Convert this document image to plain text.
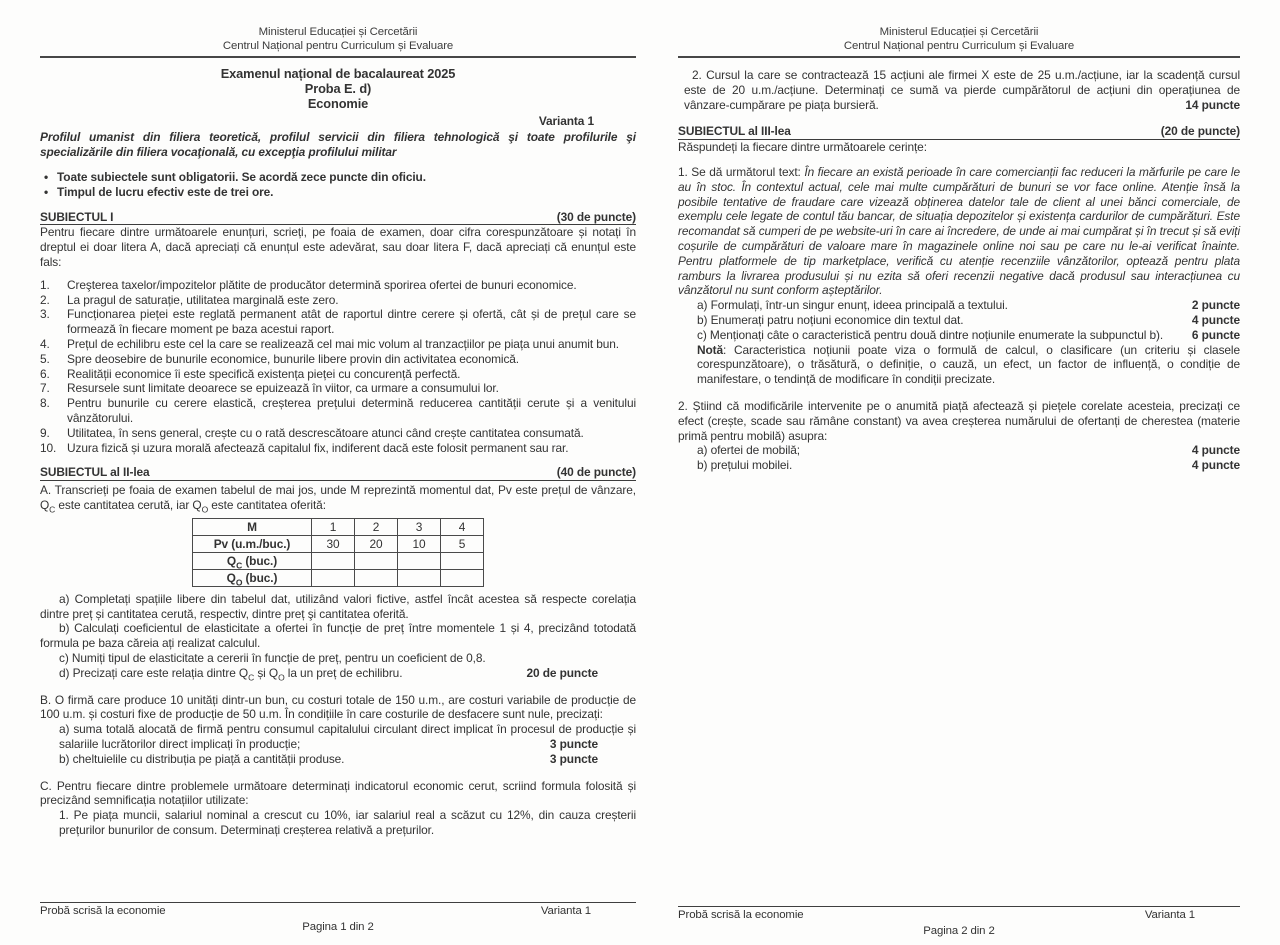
Ministerul Educației și Cercetării
Centrul Național pentru Curriculum și Evaluare
Examenul național de bacalaureat 2025
Proba E. d)
Economie
Varianta 1
Profilul umanist din filiera teoretică, profilul servicii din filiera tehnologică şi toate profilurile şi specializările din filiera vocaţională, cu excepţia profilului militar
• Toate subiectele sunt obligatorii. Se acordă zece puncte din oficiu.
• Timpul de lucru efectiv este de trei ore.
SUBIECTUL I	(30 de puncte)
Pentru fiecare dintre următoarele enunțuri, scrieți, pe foaia de examen, doar cifra corespunzătoare și notați în dreptul ei doar litera A, dacă apreciați că enunțul este adevărat, sau doar litera F, dacă apreciați că enunțul este fals:
1.	Creşterea taxelor/impozitelor plătite de producător determină sporirea ofertei de bunuri economice.
2.	La pragul de saturație, utilitatea marginală este zero.
3.	Funcționarea pieței este reglată permanent atât de raportul dintre cerere și ofertă, cât și de prețul care se formează în fiecare moment pe baza acestui raport.
4.	Prețul de echilibru este cel la care se realizează cel mai mic volum al tranzacțiilor pe piața unui anumit bun.
5.	Spre deosebire de bunurile economice, bunurile libere provin din activitatea economică.
6.	Realității economice îi este specifică existența pieței cu concurență perfectă.
7.	Resursele sunt limitate deoarece se epuizează în viitor, ca urmare a consumului lor.
8.	Pentru bunurile cu cerere elastică, creșterea prețului determină reducerea cantității cerute și a venitului vânzătorului.
9.	Utilitatea, în sens general, crește cu o rată descrescătoare atunci când crește cantitatea consumată.
10. Uzura fizică și uzura morală afectează capitalul fix, indiferent dacă este folosit permanent sau rar.
SUBIECTUL al II-lea	(40 de puncte)
A. Transcrieți pe foaia de examen tabelul de mai jos, unde M reprezintă momentul dat, Pv este prețul de vânzare, $Q_C$ este cantitatea cerută, iar $Q_O$ este cantitatea oferită:
M	1	2	3	4
Pv (u.m./buc.)	30	20	10	5
$Q_C$ (buc.)				
$Q_O$ (buc.)				
a) Completați spațiile libere din tabelul dat, utilizând valori fictive, astfel încât acestea să respecte corelația dintre preț și cantitatea cerută, respectiv, dintre preț şi cantitatea oferită.
b) Calculați coeficientul de elasticitate a ofertei în funcție de preț între momentele 1 și 4, precizând totodată formula pe baza căreia ați realizat calculul.
c) Numiți tipul de elasticitate a cererii în funcție de preț, pentru un coeficient de 0,8.
d) Precizați care este relația dintre $Q_C$ și $Q_O$ la un preț de echilibru.	20 de puncte
B. O firmă care produce 10 unități dintr-un bun, cu costuri totale de 150 u.m., are costuri variabile de producție de 100 u.m. și costuri fixe de producție de 50 u.m. În condițiile în care costurile de desfacere sunt nule, precizați:
a) suma totală alocată de firmă pentru consumul capitalului circulant direct implicat în procesul de producție și salariile lucrătorilor direct implicați în producție;	3 puncte
b) cheltuielile cu distribuția pe piață a cantității produse.	3 puncte
C. Pentru fiecare dintre problemele următoare determinați indicatorul economic cerut, scriind formula folosită și precizând semnificația notațiilor utilizate:
1. Pe piața muncii, salariul nominal a crescut cu 10%, iar salariul real a scăzut cu 12%, din cauza creșterii prețurilor bunurilor de consum. Determinați creșterea relativă a prețurilor.
Probă scrisă la economie	Varianta 1
Pagina 1 din 2
Ministerul Educației și Cercetării
Centrul Național pentru Curriculum și Evaluare
2. Cursul la care se contractează 15 acțiuni ale firmei X este de 25 u.m./acțiune, iar la scadență cursul este de 20 u.m./acțiune. Determinați ce sumă va pierde cumpărătorul de acțiuni din operațiunea de vânzare-cumpărare pe piața bursieră.	14 puncte
SUBIECTUL al III-lea	(20 de puncte)
Răspundeți la fiecare dintre următoarele cerințe:
1. Se dă următorul text: În fiecare an există perioade în care comercianții fac reduceri la mărfurile pe care le au în stoc. În contextul actual, cele mai multe cumpărături de bunuri se vor face online. Atenție însă la posibile tentative de fraudare care vizează obținerea datelor tale de client al unei bănci comerciale, de exemplu cele legate de contul tău bancar, de situația depozitelor și existența cardurilor de cumpărături. Este recomandat să cumperi de pe website-uri în care ai încredere, de unde ai mai cumpărat și în trecut și să eviți coșurile de cumpărături de valoare mare în magazinele online noi sau pe care nu le-ai verificat înainte. Pentru platformele de tip marketplace, verifică cu atenție recenziile vânzătorilor, optează pentru plata ramburs la livrarea produsului și nu ezita să oferi recenzii negative dacă produsul sau interacțiunea cu vânzătorul nu sunt conform așteptărilor.
a) Formulați, într-un singur enunț, ideea principală a textului.	2 puncte
b) Enumerați patru noțiuni economice din textul dat.	4 puncte
c) Menționați câte o caracteristică pentru două dintre noțiunile enumerate la subpunctul b).	6 puncte
Notă: Caracteristica noțiunii poate viza o formulă de calcul, o clasificare (un criteriu și clasele corespunzătoare), o trăsătură, o definiție, o cauză, un efect, un factor de influență, o condiție de manifestare, o tendință de modificare în condiții precizate.
2. Știind că modificările intervenite pe o anumită piață afectează și piețele corelate acesteia, precizați ce efect (crește, scade sau rămâne constant) va avea creșterea numărului de ofertanți de cherestea (materie primă pentru mobilă) asupra:
a) ofertei de mobilă;	4 puncte
b) prețului mobilei.	4 puncte
Probă scrisă la economie	Varianta 1
Pagina 2 din 2
